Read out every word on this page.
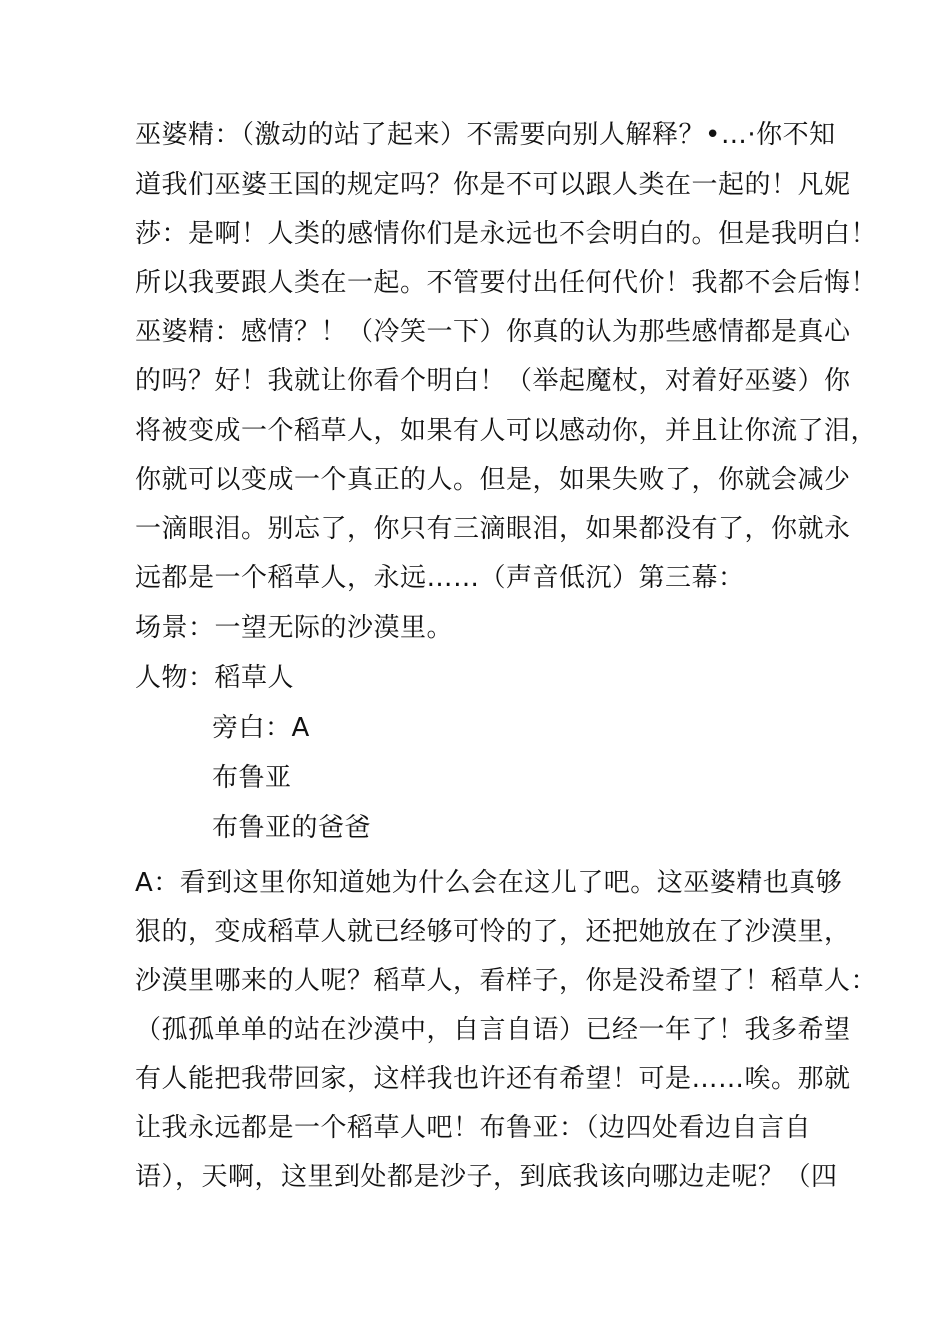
巫婆精：（激动的站了起来）不需要向别人解释？•…·你不知
道我们巫婆王国的规定吗？你是不可以跟人类在一起的！凡妮
莎：是啊！人类的感情你们是永远也不会明白的。但是我明白！
所以我要跟人类在一起。不管要付出任何代价！我都不会后悔！
巫婆精：感情？！（冷笑一下）你真的认为那些感情都是真心
的吗？好！我就让你看个明白！（举起魔杖，对着好巫婆）你
将被变成一个稻草人，如果有人可以感动你，并且让你流了泪，
你就可以变成一个真正的人。但是，如果失败了，你就会减少
一滴眼泪。别忘了，你只有三滴眼泪，如果都没有了，你就永
远都是一个稻草人，永远……（声音低沉）第三幕：
场景：一望无际的沙漠里。
人物：稻草人
旁白：A
布鲁亚
布鲁亚的爸爸
A：看到这里你知道她为什么会在这儿了吧。这巫婆精也真够
狠的，变成稻草人就已经够可怜的了，还把她放在了沙漠里，
沙漠里哪来的人呢？稻草人，看样子，你是没希望了！稻草人：
（孤孤单单的站在沙漠中，自言自语）已经一年了！我多希望
有人能把我带回家，这样我也许还有希望！可是……唉。那就
让我永远都是一个稻草人吧！布鲁亚：（边四处看边自言自
语），天啊，这里到处都是沙子，到底我该向哪边走呢？（四
